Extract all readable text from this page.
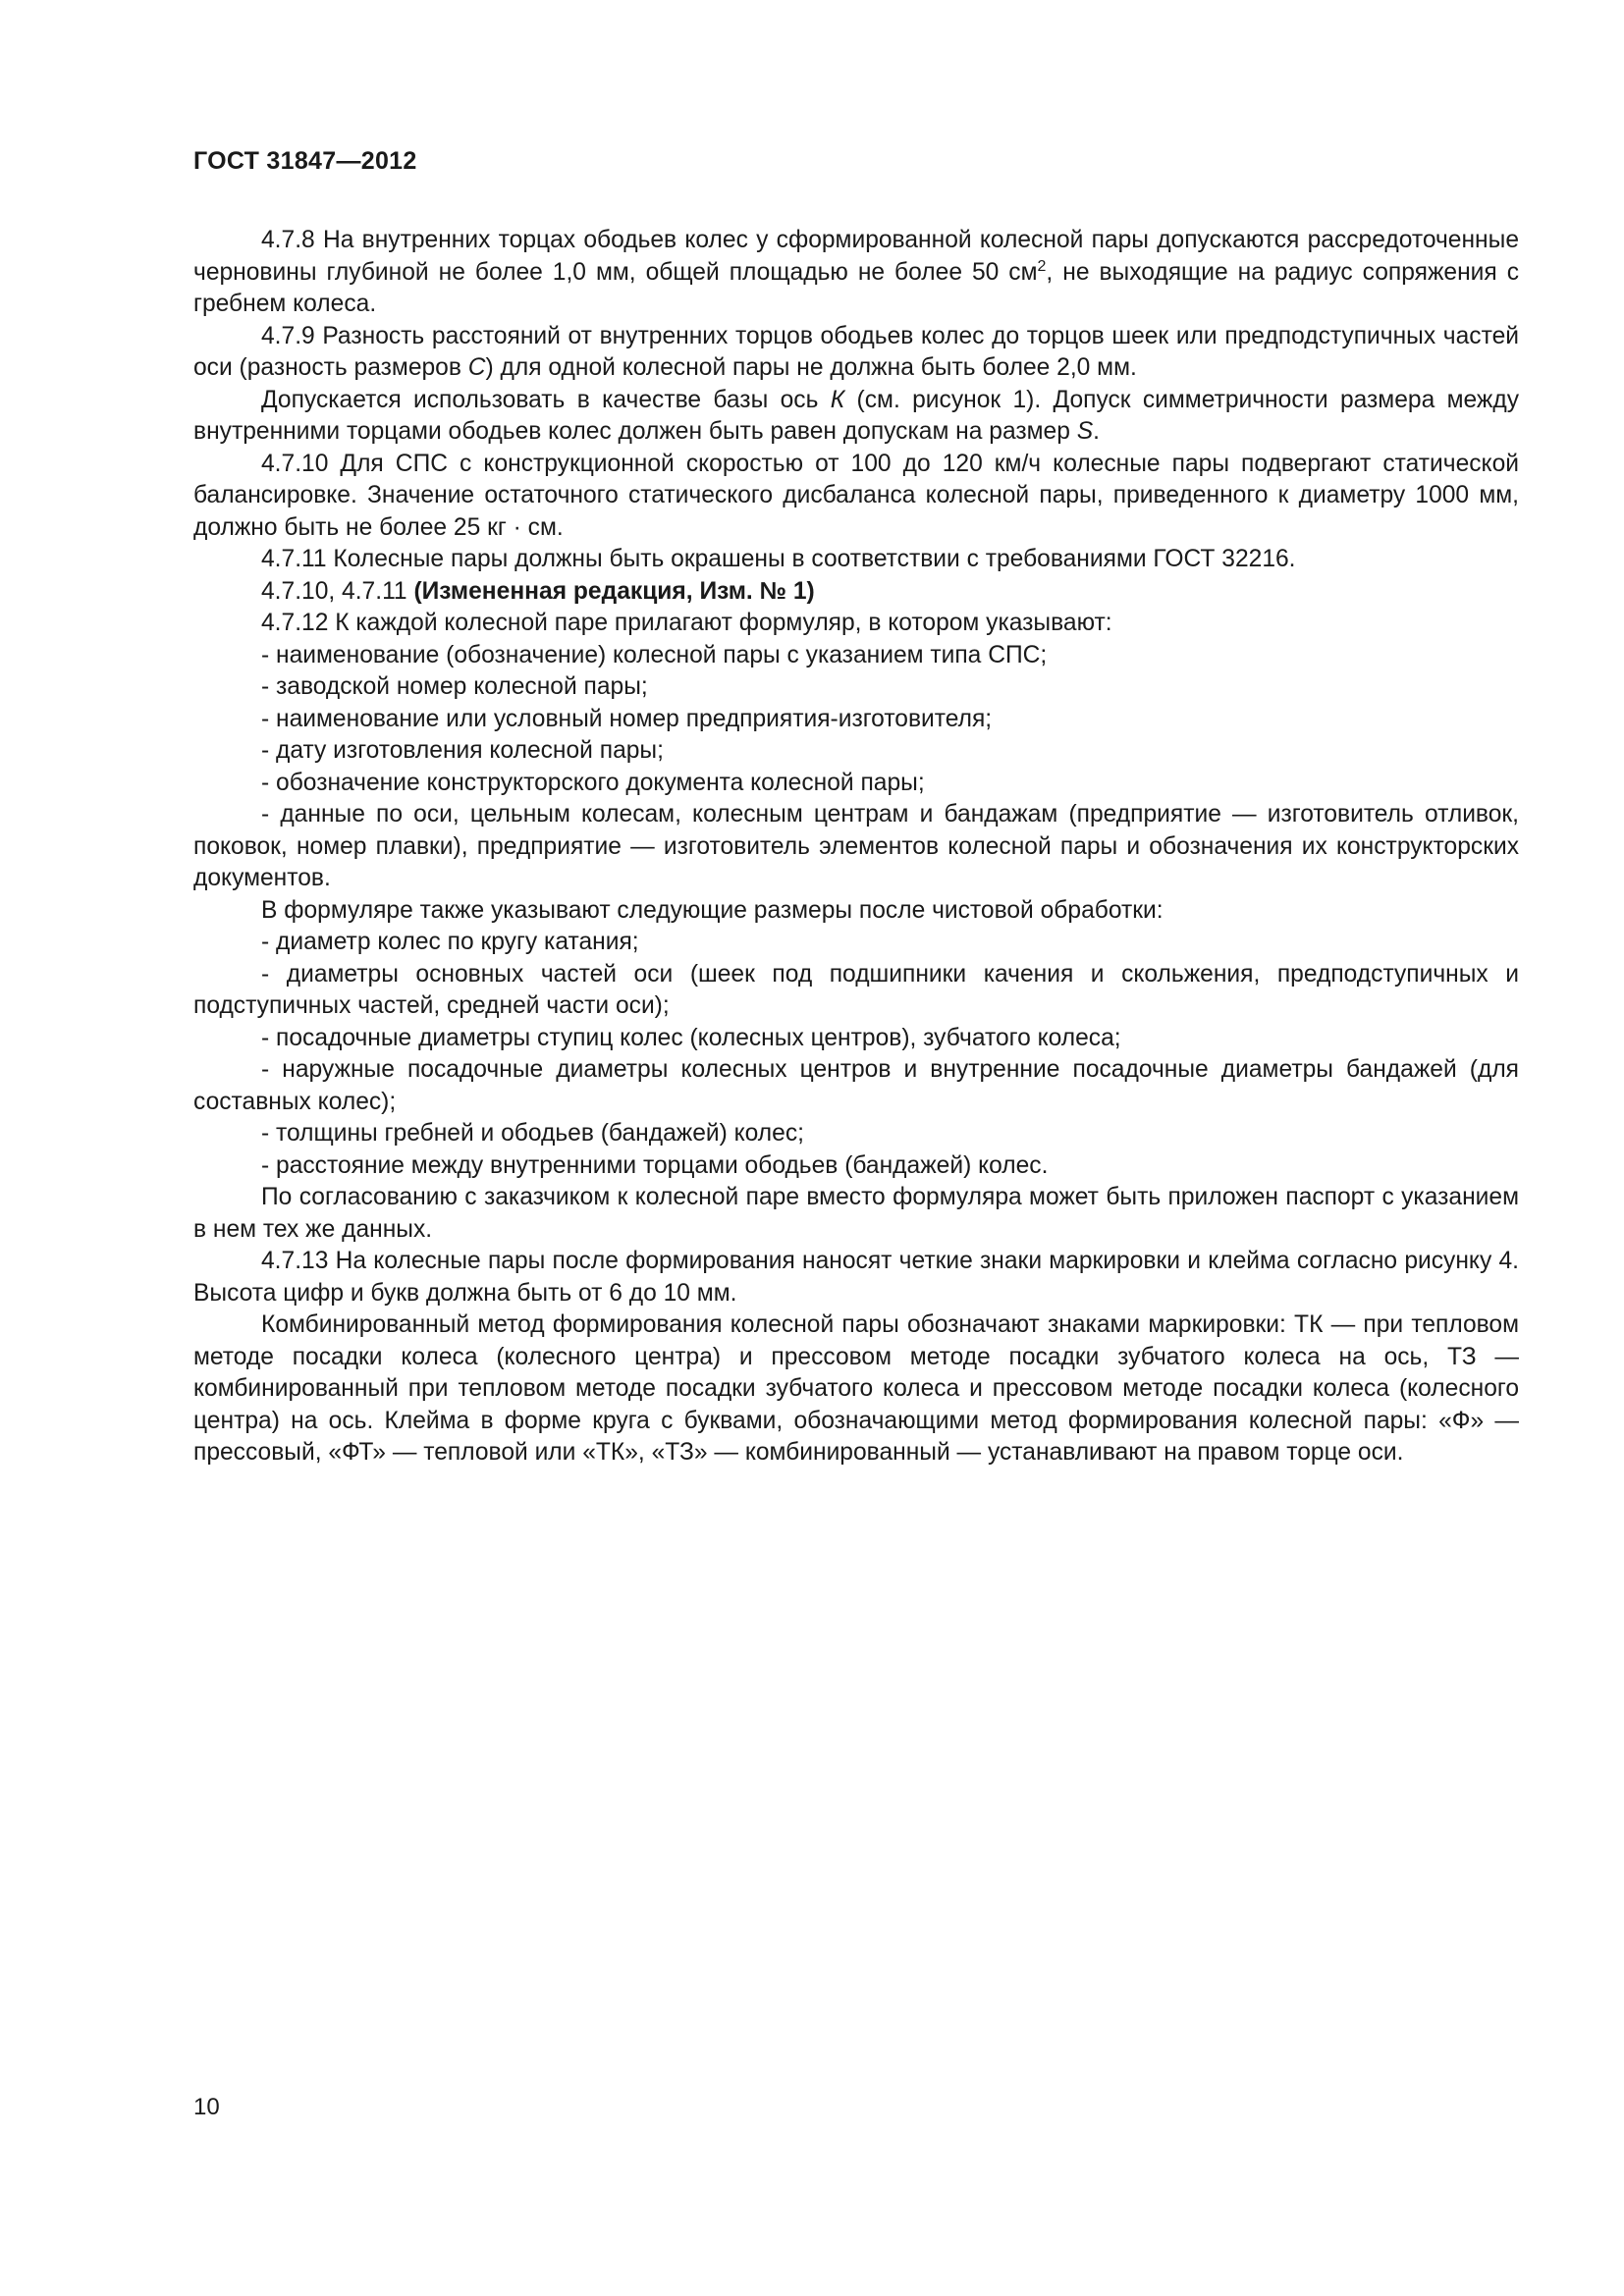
ГОСТ 31847—2012

4.7.8 На внутренних торцах ободьев колес у сформированной колесной пары допускаются рассредоточенные черновины глубиной не более 1,0 мм, общей площадью не более 50 $см^2$, не выходящие на радиус сопряжения с гребнем колеса.

4.7.9 Разность расстояний от внутренних торцов ободьев колес до торцов шеек или предподступичных частей оси (разность размеров С) для одной колесной пары не должна быть более 2,0 мм.

Допускается использовать в качестве базы ось К (см. рисунок 1). Допуск симметричности размера между внутренними торцами ободьев колес должен быть равен допускам на размер S.

4.7.10 Для СПС с конструкционной скоростью от 100 до 120 км/ч колесные пары подвергают статической балансировке. Значение остаточного статического дисбаланса колесной пары, приведенного к диаметру 1000 мм, должно быть не более 25 кг · см.

4.7.11 Колесные пары должны быть окрашены в соответствии с требованиями ГОСТ 32216.

4.7.10, 4.7.11 (Измененная редакция, Изм. № 1)

4.7.12 К каждой колесной паре прилагают формуляр, в котором указывают:

- наименование (обозначение) колесной пары с указанием типа СПС;

- заводской номер колесной пары;

- наименование или условный номер предприятия-изготовителя;

- дату изготовления колесной пары;

- обозначение конструкторского документа колесной пары;

- данные по оси, цельным колесам, колесным центрам и бандажам (предприятие — изготовитель отливок, поковок, номер плавки), предприятие — изготовитель элементов колесной пары и обозначения их конструкторских документов.

В формуляре также указывают следующие размеры после чистовой обработки:

- диаметр колес по кругу катания;

- диаметры основных частей оси (шеек под подшипники качения и скольжения, предподступичных и подступичных частей, средней части оси);

- посадочные диаметры ступиц колес (колесных центров), зубчатого колеса;

- наружные посадочные диаметры колесных центров и внутренние посадочные диаметры бандажей (для составных колес);

- толщины гребней и ободьев (бандажей) колес;

- расстояние между внутренними торцами ободьев (бандажей) колес.

По согласованию с заказчиком к колесной паре вместо формуляра может быть приложен паспорт с указанием в нем тех же данных.

4.7.13 На колесные пары после формирования наносят четкие знаки маркировки и клейма согласно рисунку 4. Высота цифр и букв должна быть от 6 до 10 мм.

Комбинированный метод формирования колесной пары обозначают знаками маркировки: ТК — при тепловом методе посадки колеса (колесного центра) и прессовом методе посадки зубчатого колеса на ось, ТЗ — комбинированный при тепловом методе посадки зубчатого колеса и прессовом методе посадки колеса (колесного центра) на ось. Клейма в форме круга с буквами, обозначающими метод формирования колесной пары: «Ф» — прессовый, «ФТ» — тепловой или «ТК», «ТЗ» — комбинированный — устанавливают на правом торце оси.

10
